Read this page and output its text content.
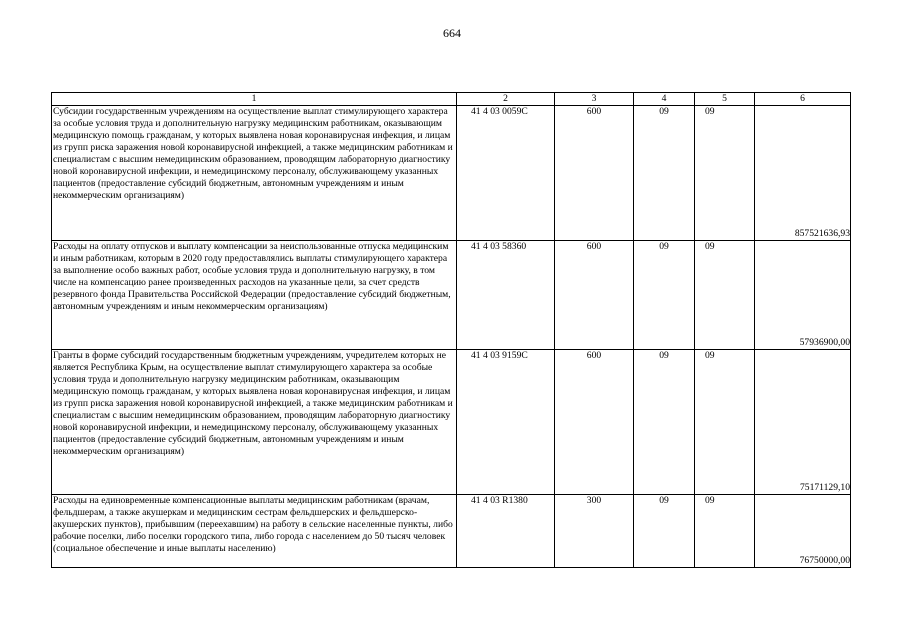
664
1	2	3	4	5	6
Субсидии государственным учреждениям на осуществление выплат стимулирующего характера за особые условия труда и дополнительную нагрузку медицинским работникам, оказывающим медицинскую помощь гражданам, у которых выявлена новая коронавирусная инфекция, и лицам из групп риска заражения новой коронавирусной инфекцией, а также медицинским работникам и специалистам с высшим немедицинским образованием, проводящим лабораторную диагностику новой коронавирусной инфекции, и немедицинскому персоналу, обслуживающему указанных пациентов (предоставление субсидий бюджетным, автономным учреждениям и иным некоммерческим организациям)	41 4 03 0059С	600	09	09	857521636,93
Расходы на оплату отпусков и выплату компенсации за неиспользованные отпуска медицинским и иным работникам, которым в 2020 году предоставлялись выплаты стимулирующего характера за выполнение особо важных работ, особые условия труда и дополнительную нагрузку, в том числе на компенсацию ранее произведенных расходов на указанные цели, за счет средств резервного фонда Правительства Российской Федерации (предоставление субсидий бюджетным, автономным учреждениям и иным некоммерческим организациям)	41 4 03 58360	600	09	09	57936900,00
Гранты в форме субсидий государственным бюджетным учреждениям, учредителем которых не является Республика Крым, на осуществление выплат стимулирующего характера за особые условия труда и дополнительную нагрузку медицинским работникам, оказывающим медицинскую помощь гражданам, у которых выявлена новая коронавирусная инфекция, и лицам из групп риска заражения новой коронавирусной инфекцией, а также медицинским работникам и специалистам с высшим немедицинским образованием, проводящим лабораторную диагностику новой коронавирусной инфекции, и немедицинскому персоналу, обслуживающему указанных пациентов (предоставление субсидий бюджетным, автономным учреждениям и иным некоммерческим организациям)	41 4 03 9159С	600	09	09	75171129,10
Расходы на единовременные компенсационные выплаты медицинским работникам (врачам, фельдшерам, а также акушеркам и медицинским сестрам фельдшерских и фельдшерско-акушерских пунктов), прибывшим (переехавшим) на работу в сельские населенные пункты, либо рабочие поселки, либо поселки городского типа, либо города с населением до 50 тысяч человек (социальное обеспечение и иные выплаты населению)	41 4 03 R1380	300	09	09	76750000,00
